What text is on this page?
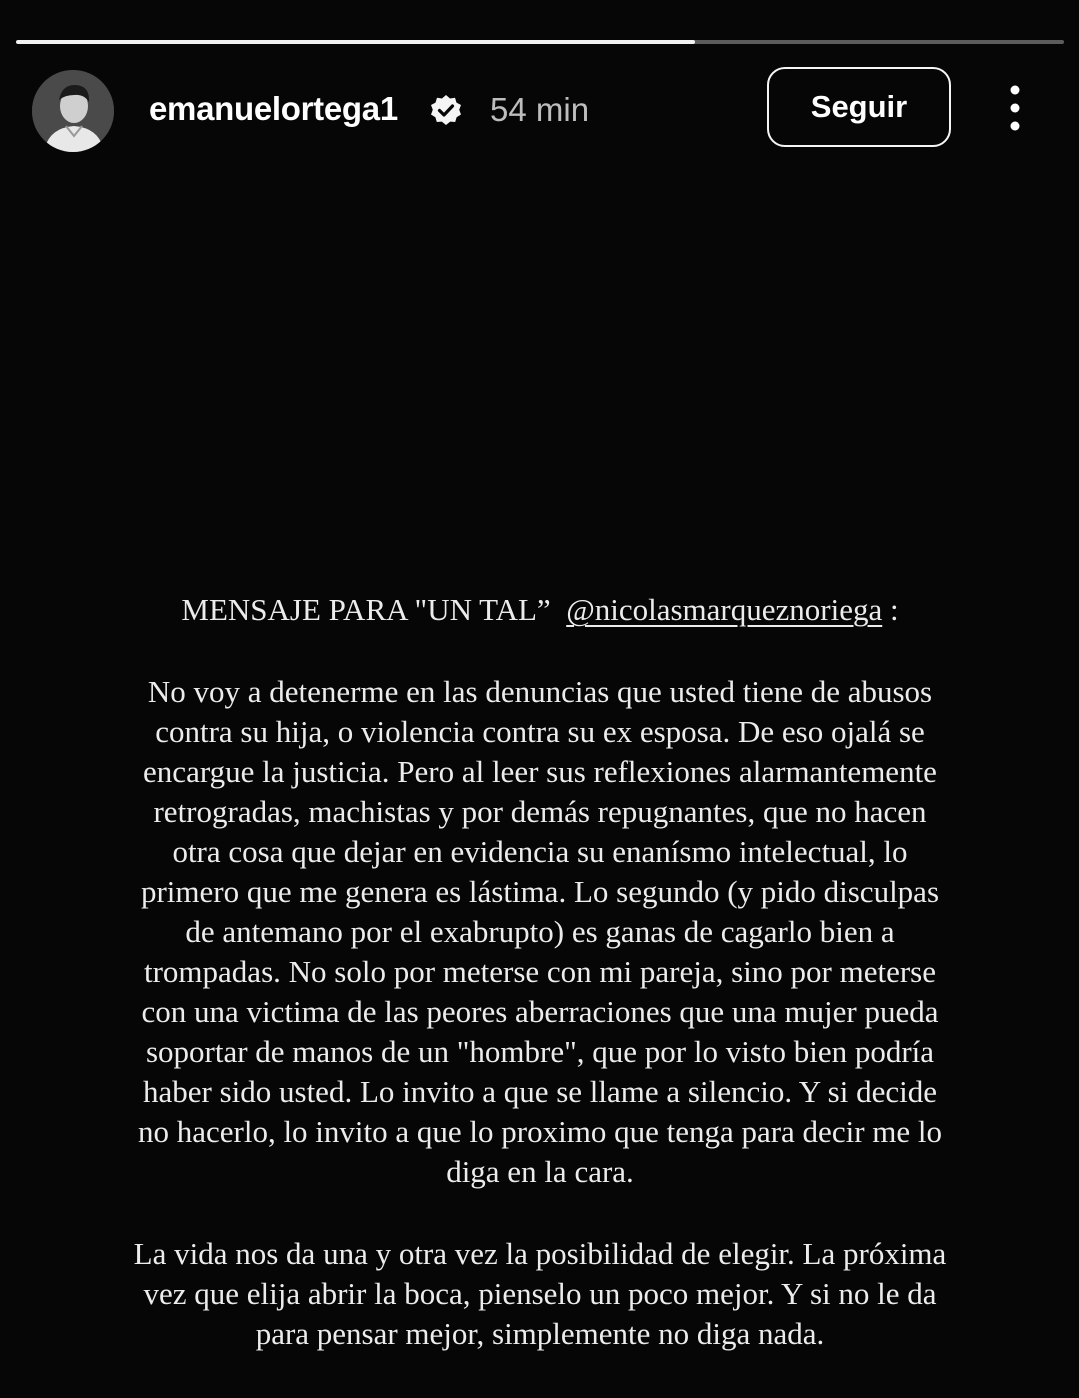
emanuelortega1	54 min	Seguir
MENSAJE PARA "UN TAL” @nicolasmarqueznoriega :
No voy a detenerme en las denuncias que usted tiene de abusos
contra su hija, o violencia contra su ex esposa. De eso ojalá se
encargue la justicia. Pero al leer sus reflexiones alarmantemente
retrogradas, machistas y por demás repugnantes, que no hacen
otra cosa que dejar en evidencia su enanísmo intelectual, lo
primero que me genera es lástima. Lo segundo (y pido disculpas
de antemano por el exabrupto) es ganas de cagarlo bien a
trompadas. No solo por meterse con mi pareja, sino por meterse
con una victima de las peores aberraciones que una mujer pueda
soportar de manos de un "hombre", que por lo visto bien podría
haber sido usted. Lo invito a que se llame a silencio. Y si decide
no hacerlo, lo invito a que lo proximo que tenga para decir me lo
diga en la cara.
La vida nos da una y otra vez la posibilidad de elegir. La próxima
vez que elija abrir la boca, pienselo un poco mejor. Y si no le da
para pensar mejor, simplemente no diga nada.
